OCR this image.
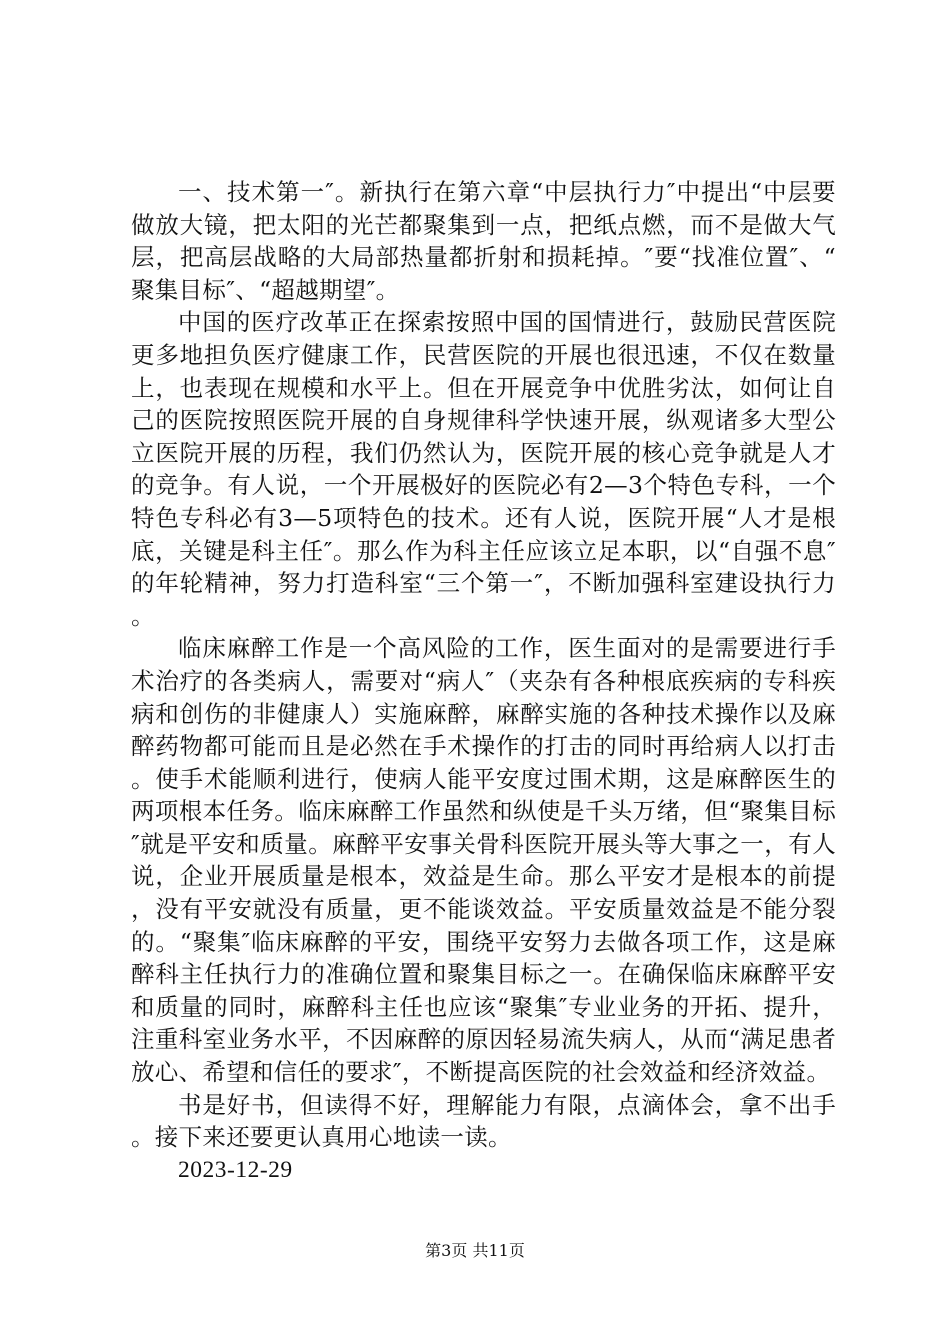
一、技术第一″。新执行在第六章“中层执行力″中提出“中层要做放大镜，把太阳的光芒都聚集到一点，把纸点燃，而不是做大气层，把高层战略的大局部热量都折射和损耗掉。″要“找准位置″、“聚集目标″、“超越期望″。

中国的医疗改革正在探索按照中国的国情进行，鼓励民营医院更多地担负医疗健康工作，民营医院的开展也很迅速，不仅在数量上，也表现在规模和水平上。但在开展竞争中优胜劣汰，如何让自己的医院按照医院开展的自身规律科学快速开展，纵观诸多大型公立医院开展的历程，我们仍然认为，医院开展的核心竞争就是人才的竞争。有人说，一个开展极好的医院必有2—3个特色专科，一个特色专科必有3—5项特色的技术。还有人说，医院开展“人才是根底，关键是科主任″。那么作为科主任应该立足本职，以“自强不息″的年轮精神，努力打造科室“三个第一″，不断加强科室建设执行力。

临床麻醉工作是一个高风险的工作，医生面对的是需要进行手术治疗的各类病人，需要对“病人″（夹杂有各种根底疾病的专科疾病和创伤的非健康人）实施麻醉，麻醉实施的各种技术操作以及麻醉药物都可能而且是必然在手术操作的打击的同时再给病人以打击。使手术能顺利进行，使病人能平安度过围术期，这是麻醉医生的两项根本任务。临床麻醉工作虽然和纵使是千头万绪，但“聚集目标″就是平安和质量。麻醉平安事关骨科医院开展头等大事之一，有人说，企业开展质量是根本，效益是生命。那么平安才是根本的前提，没有平安就没有质量，更不能谈效益。平安质量效益是不能分裂的。“聚集″临床麻醉的平安，围绕平安努力去做各项工作，这是麻醉科主任执行力的准确位置和聚集目标之一。在确保临床麻醉平安和质量的同时，麻醉科主任也应该“聚集″专业业务的开拓、提升，注重科室业务水平，不因麻醉的原因轻易流失病人，从而“满足患者放心、希望和信任的要求″，不断提高医院的社会效益和经济效益。

书是好书，但读得不好，理解能力有限，点滴体会，拿不出手。接下来还要更认真用心地读一读。

2023-12-29

第3页 共11页
